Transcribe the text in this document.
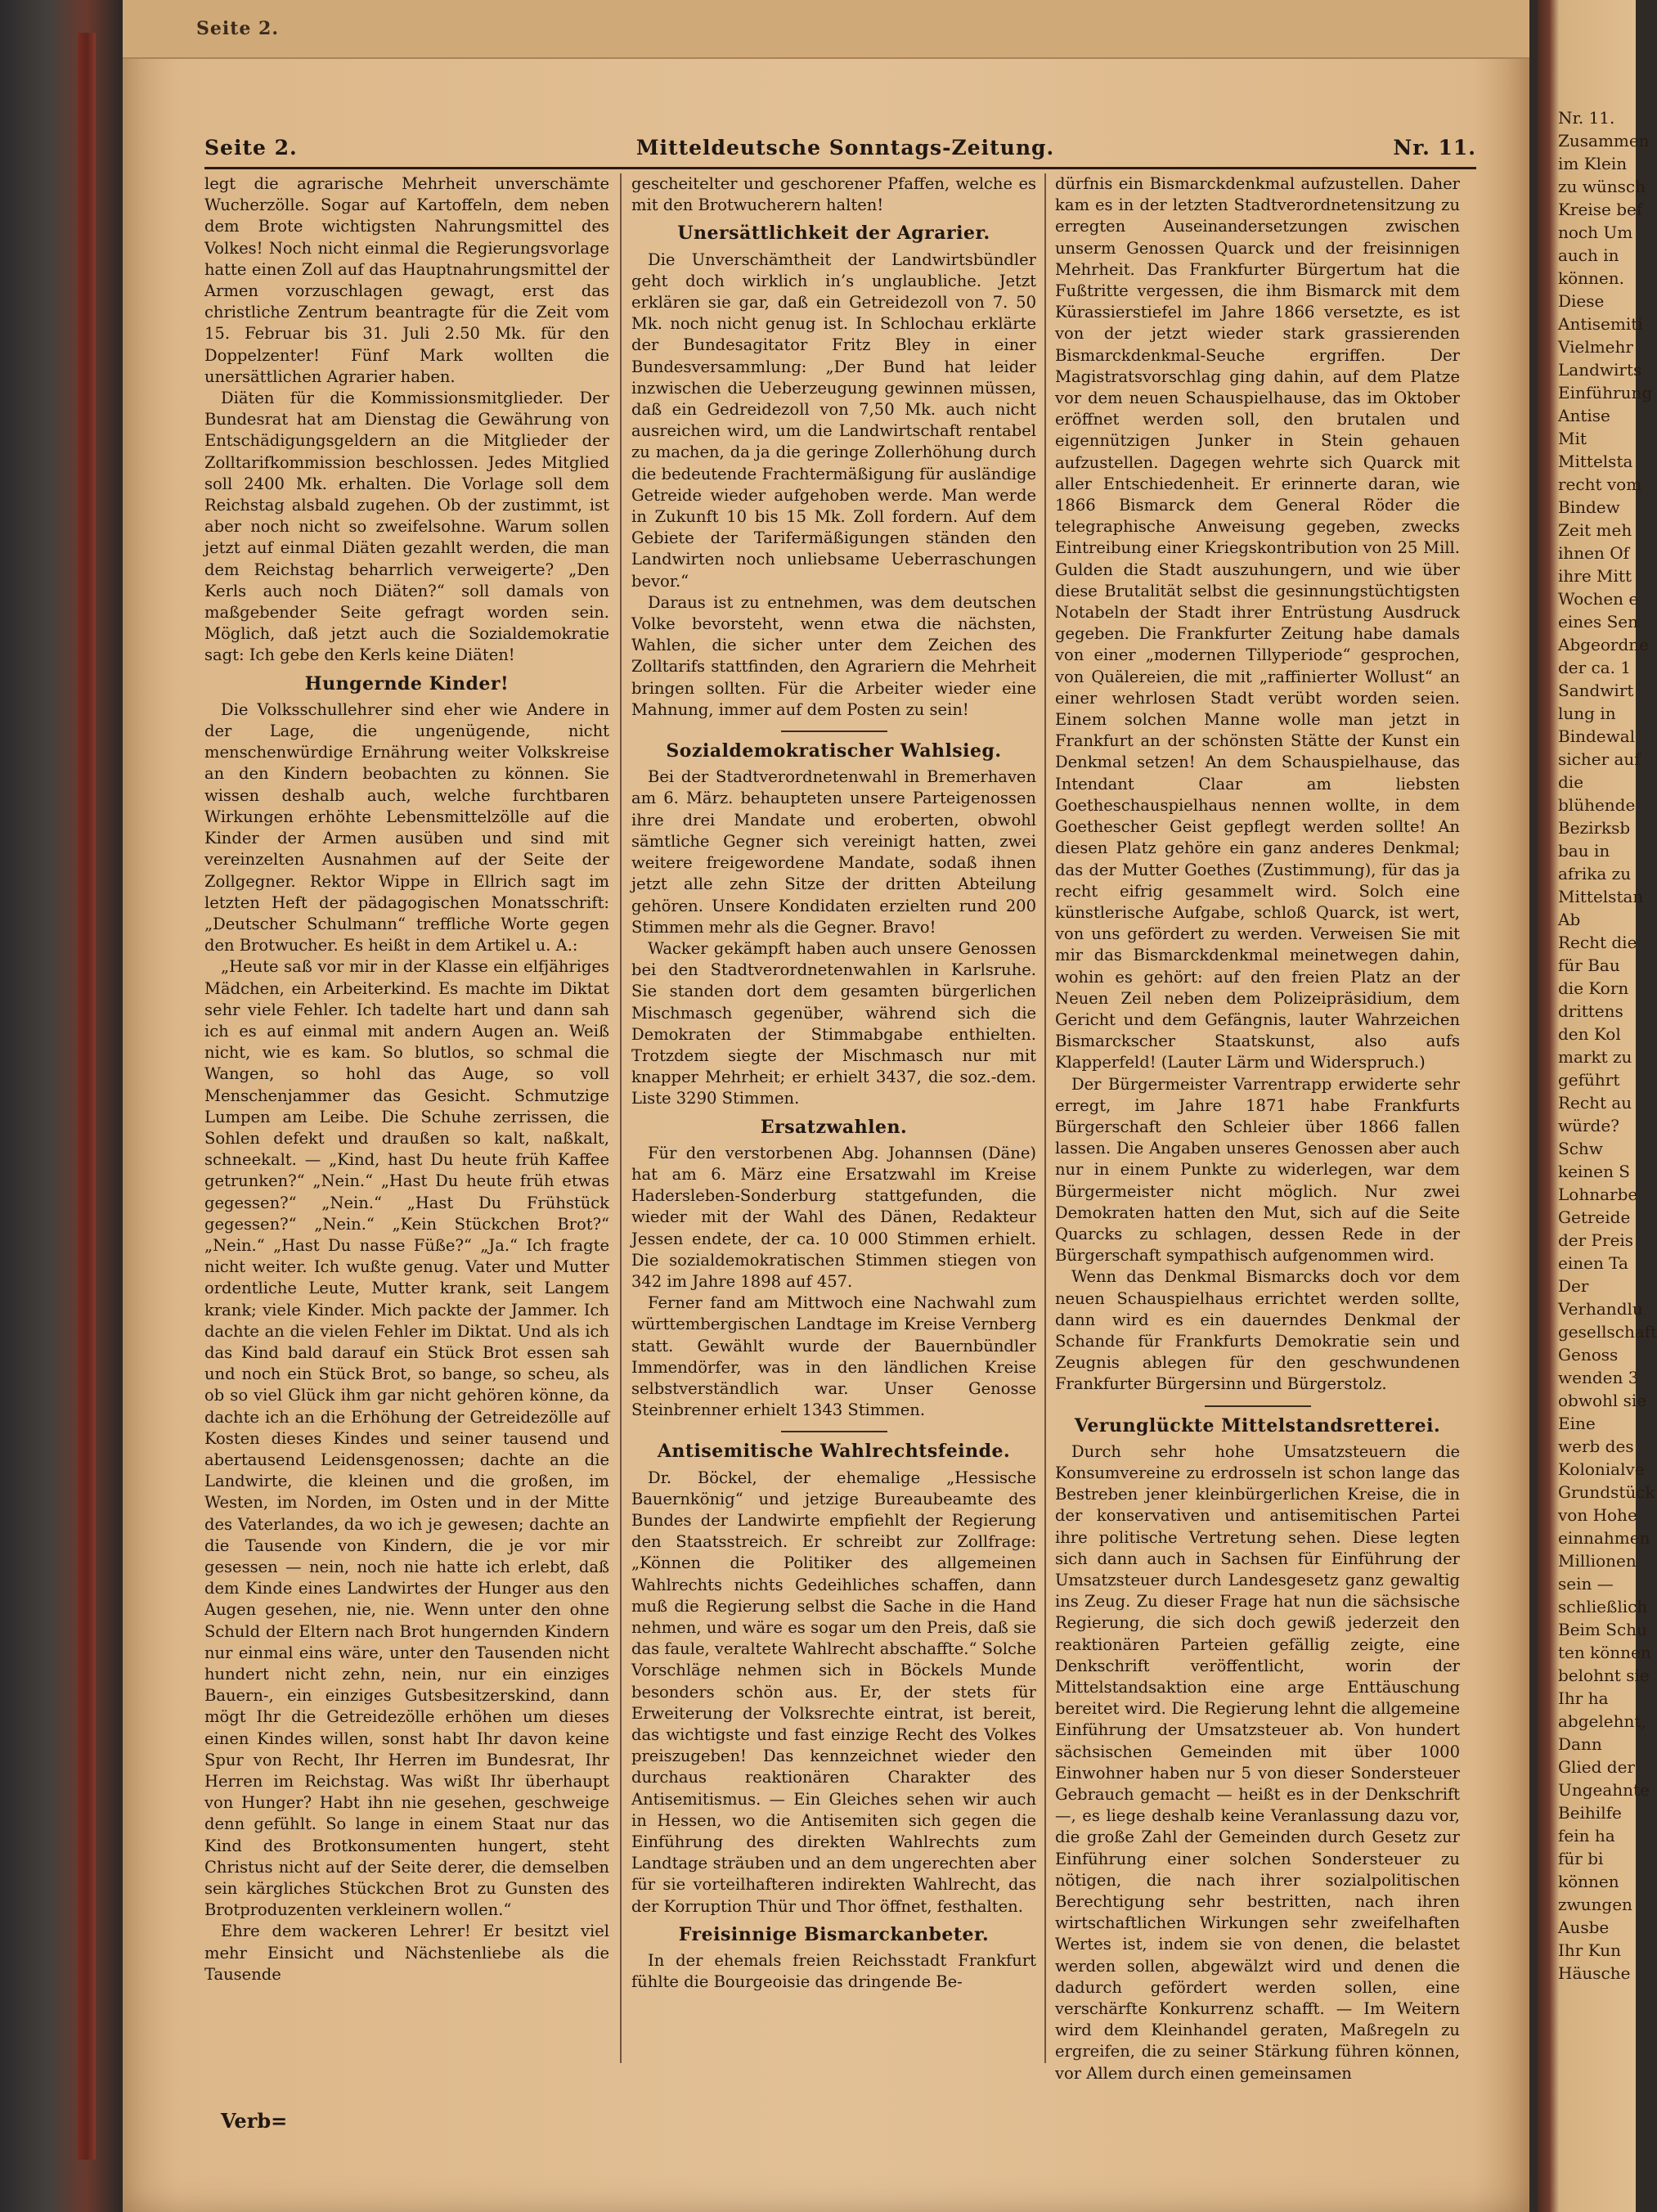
Seite 2.
Nr. 11.
Zusammen
im Klein
zu wünsch
Kreise bef
noch Um
auch in
können.
Diese
Antisemiti
Vielmehr
Landwirts
Einführung
Antise
Mit
Mittelsta
recht vom
Bindew
Zeit meh
ihnen Of
ihre Mitt
Wochen e
eines Sen
Abgeordne
der ca. 1
Sandwirt
lung in
Bindewal
sicher auf
die
blühende
Bezirksb
bau in
afrika zu
Mittelstan
Ab
Recht die
für Bau
die Korn
drittens
den Kol
markt zu
geführt
Recht au
würde?
Schw
keinen S
Lohnarbe
Getreide
der Preis
einen Ta
Der
Verhandlu
gesellschaft
Genoss
wenden 3
obwohl sie
Eine
werb des
Kolonialve
Grundstück
von Hohe
einnahmen
Millionen
sein —
schließlich
Beim Schu
ten können
belohnt sie
Ihr ha
abgelehnt,
Dann
Glied der
Ungeahnte
Beihilfe
fein ha
für bi
können
zwungen
Ausbe
Ihr Kun
Häusche
Seite 2.	Mitteldeutsche Sonntags-Zeitung.	Nr. 11.

legt die agrarische Mehrheit unverschämte Wucherzölle. Sogar auf Kartoffeln, dem neben dem Brote wichtigsten Nahrungsmittel des Volkes! Noch nicht einmal die Regierungsvorlage hatte einen Zoll auf das Hauptnahrungsmittel der Armen vorzuschlagen gewagt, erst das christliche Zentrum beantragte für die Zeit vom 15. Februar bis 31. Juli 2.50 Mk. für den Doppelzenter! Fünf Mark wollten die unersättlichen Agrarier haben.

Diäten für die Kommissionsmitglieder. Der Bundesrat hat am Dienstag die Gewährung von Entschädigungsgeldern an die Mitglieder der Zolltarifkommission beschlossen. Jedes Mitglied soll 2400 Mk. erhalten. Die Vorlage soll dem Reichstag alsbald zugehen. Ob der zustimmt, ist aber noch nicht so zweifelsohne. Warum sollen jetzt auf einmal Diäten gezahlt werden, die man dem Reichstag beharrlich verweigerte? „Den Kerls auch noch Diäten?“ soll damals von maßgebender Seite gefragt worden sein. Möglich, daß jetzt auch die Sozialdemokratie sagt: Ich gebe den Kerls keine Diäten!

Hungernde Kinder!

Die Volksschullehrer sind eher wie Andere in der Lage, die ungenügende, nicht menschenwürdige Ernährung weiter Volkskreise an den Kindern beobachten zu können. Sie wissen deshalb auch, welche furchtbaren Wirkungen erhöhte Lebensmittelzölle auf die Kinder der Armen ausüben und sind mit vereinzelten Ausnahmen auf der Seite der Zollgegner. Rektor Wippe in Ellrich sagt im letzten Heft der pädagogischen Monatsschrift: „Deutscher Schulmann“ treffliche Worte gegen den Brotwucher. Es heißt in dem Artikel u. A.:

„Heute saß vor mir in der Klasse ein elfjähriges Mädchen, ein Arbeiterkind. Es machte im Diktat sehr viele Fehler. Ich tadelte hart und dann sah ich es auf einmal mit andern Augen an. Weiß nicht, wie es kam. So blutlos, so schmal die Wangen, so hohl das Auge, so voll Menschenjammer das Gesicht. Schmutzige Lumpen am Leibe. Die Schuhe zerrissen, die Sohlen defekt und draußen so kalt, naßkalt, schneekalt. — „Kind, hast Du heute früh Kaffee getrunken?“ „Nein.“ „Hast Du heute früh etwas gegessen?“ „Nein.“ „Hast Du Frühstück gegessen?“ „Nein.“ „Kein Stückchen Brot?“ „Nein.“ „Hast Du nasse Füße?“ „Ja.“ Ich fragte nicht weiter. Ich wußte genug. Vater und Mutter ordentliche Leute, Mutter krank, seit Langem krank; viele Kinder. Mich packte der Jammer. Ich dachte an die vielen Fehler im Diktat. Und als ich das Kind bald darauf ein Stück Brot essen sah und noch ein Stück Brot, so bange, so scheu, als ob so viel Glück ihm gar nicht gehören könne, da dachte ich an die Erhöhung der Getreidezölle auf Kosten dieses Kindes und seiner tausend und abertausend Leidensgenossen; dachte an die Landwirte, die kleinen und die großen, im Westen, im Norden, im Osten und in der Mitte des Vaterlandes, da wo ich je gewesen; dachte an die Tausende von Kindern, die je vor mir gesessen — nein, noch nie hatte ich erlebt, daß dem Kinde eines Landwirtes der Hunger aus den Augen gesehen, nie, nie. Wenn unter den ohne Schuld der Eltern nach Brot hungernden Kindern nur einmal eins wäre, unter den Tausenden nicht hundert nicht zehn, nein, nur ein einziges Bauern-, ein einziges Gutsbesitzerskind, dann mögt Ihr die Getreidezölle erhöhen um dieses einen Kindes willen, sonst habt Ihr davon keine Spur von Recht, Ihr Herren im Bundesrat, Ihr Herren im Reichstag. Was wißt Ihr überhaupt von Hunger? Habt ihn nie gesehen, geschweige denn gefühlt. So lange in einem Staat nur das Kind des Brotkonsumenten hungert, steht Christus nicht auf der Seite derer, die demselben sein kärgliches Stückchen Brot zu Gunsten des Brotproduzenten verkleinern wollen.“

Ehre dem wackeren Lehrer! Er besitzt viel mehr Einsicht und Nächstenliebe als die Tausende

gescheitelter und geschorener Pfaffen, welche es mit den Brotwucherern halten!

Unersättlichkeit der Agrarier.

Die Unverschämtheit der Landwirtsbündler geht doch wirklich in’s unglaubliche. Jetzt erklären sie gar, daß ein Getreidezoll von 7. 50 Mk. noch nicht genug ist. In Schlochau erklärte der Bundesagitator Fritz Bley in einer Bundesversammlung: „Der Bund hat leider inzwischen die Ueberzeugung gewinnen müssen, daß ein Gedreidezoll von 7,50 Mk. auch nicht ausreichen wird, um die Landwirtschaft rentabel zu machen, da ja die geringe Zollerhöhung durch die bedeutende Frachtermäßigung für ausländige Getreide wieder aufgehoben werde. Man werde in Zukunft 10 bis 15 Mk. Zoll fordern. Auf dem Gebiete der Tarifermäßigungen ständen den Landwirten noch unliebsame Ueberraschungen bevor.“

Daraus ist zu entnehmen, was dem deutschen Volke bevorsteht, wenn etwa die nächsten, Wahlen, die sicher unter dem Zeichen des Zolltarifs stattfinden, den Agrariern die Mehrheit bringen sollten. Für die Arbeiter wieder eine Mahnung, immer auf dem Posten zu sein!

Sozialdemokratischer Wahlsieg.

Bei der Stadtverordnetenwahl in Bremerhaven am 6. März. behaupteten unsere Parteigenossen ihre drei Mandate und eroberten, obwohl sämtliche Gegner sich vereinigt hatten, zwei weitere freigewordene Mandate, sodaß ihnen jetzt alle zehn Sitze der dritten Abteilung gehören. Unsere Kondidaten erzielten rund 200 Stimmen mehr als die Gegner. Bravo!

Wacker gekämpft haben auch unsere Genossen bei den Stadtverordnetenwahlen in Karlsruhe. Sie standen dort dem gesamten bürgerlichen Mischmasch gegenüber, während sich die Demokraten der Stimmabgabe enthielten. Trotzdem siegte der Mischmasch nur mit knapper Mehrheit; er erhielt 3437, die soz.-dem. Liste 3290 Stimmen.

Ersatzwahlen.

Für den verstorbenen Abg. Johannsen (Däne) hat am 6. März eine Ersatzwahl im Kreise Hadersleben-Sonderburg stattgefunden, die wieder mit der Wahl des Dänen, Redakteur Jessen endete, der ca. 10 000 Stimmen erhielt. Die sozialdemokratischen Stimmen stiegen von 342 im Jahre 1898 auf 457.

Ferner fand am Mittwoch eine Nachwahl zum württembergischen Landtage im Kreise Vernberg statt. Gewählt wurde der Bauernbündler Immendörfer, was in den ländlichen Kreise selbstverständlich war. Unser Genosse Steinbrenner erhielt 1343 Stimmen.

Antisemitische Wahlrechtsfeinde.

Dr. Böckel, der ehemalige „Hessische Bauernkönig“ und jetzige Bureaubeamte des Bundes der Landwirte empfiehlt der Regierung den Staatsstreich. Er schreibt zur Zollfrage: „Können die Politiker des allgemeinen Wahlrechts nichts Gedeihliches schaffen, dann muß die Regierung selbst die Sache in die Hand nehmen, und wäre es sogar um den Preis, daß sie das faule, veraltete Wahlrecht abschaffte.“ Solche Vorschläge nehmen sich in Böckels Munde besonders schön aus. Er, der stets für Erweiterung der Volksrechte eintrat, ist bereit, das wichtigste und fast einzige Recht des Volkes preiszugeben! Das kennzeichnet wieder den durchaus reaktionären Charakter des Antisemitismus. — Ein Gleiches sehen wir auch in Hessen, wo die Antisemiten sich gegen die Einführung des direkten Wahlrechts zum Landtage sträuben und an dem ungerechten aber für sie vorteilhafteren indirekten Wahlrecht, das der Korruption Thür und Thor öffnet, festhalten.

Freisinnige Bismarckanbeter.

In der ehemals freien Reichsstadt Frankfurt fühlte die Bourgeoisie das dringende Be-

dürfnis ein Bismarckdenkmal aufzustellen. Daher kam es in der letzten Stadtverordnetensitzung zu erregten Auseinandersetzungen zwischen unserm Genossen Quarck und der freisinnigen Mehrheit. Das Frankfurter Bürgertum hat die Fußtritte vergessen, die ihm Bismarck mit dem Kürassierstiefel im Jahre 1866 versetzte, es ist von der jetzt wieder stark grassierenden Bismarckdenkmal-Seuche ergriffen. Der Magistratsvorschlag ging dahin, auf dem Platze vor dem neuen Schauspielhause, das im Oktober eröffnet werden soll, den brutalen und eigennützigen Junker in Stein gehauen aufzustellen. Dagegen wehrte sich Quarck mit aller Entschiedenheit. Er erinnerte daran, wie 1866 Bismarck dem General Röder die telegraphische Anweisung gegeben, zwecks Eintreibung einer Kriegskontribution von 25 Mill. Gulden die Stadt auszuhungern, und wie über diese Brutalität selbst die gesinnungstüchtigsten Notabeln der Stadt ihrer Entrüstung Ausdruck gegeben. Die Frankfurter Zeitung habe damals von einer „modernen Tillyperiode“ gesprochen, von Quälereien, die mit „raffinierter Wollust“ an einer wehrlosen Stadt verübt worden seien. Einem solchen Manne wolle man jetzt in Frankfurt an der schönsten Stätte der Kunst ein Denkmal setzen! An dem Schauspielhause, das Intendant Claar am liebsten Goetheschauspielhaus nennen wollte, in dem Goethescher Geist gepflegt werden sollte! An diesen Platz gehöre ein ganz anderes Denkmal; das der Mutter Goethes (Zustimmung), für das ja recht eifrig gesammelt wird. Solch eine künstlerische Aufgabe, schloß Quarck, ist wert, von uns gefördert zu werden. Verweisen Sie mit mir das Bismarckdenkmal meinetwegen dahin, wohin es gehört: auf den freien Platz an der Neuen Zeil neben dem Polizeipräsidium, dem Gericht und dem Gefängnis, lauter Wahrzeichen Bismarckscher Staatskunst, also aufs Klapperfeld! (Lauter Lärm und Widerspruch.)

Der Bürgermeister Varrentrapp erwiderte sehr erregt, im Jahre 1871 habe Frankfurts Bürgerschaft den Schleier über 1866 fallen lassen. Die Angaben unseres Genossen aber auch nur in einem Punkte zu widerlegen, war dem Bürgermeister nicht möglich. Nur zwei Demokraten hatten den Mut, sich auf die Seite Quarcks zu schlagen, dessen Rede in der Bürgerschaft sympathisch aufgenommen wird.

Wenn das Denkmal Bismarcks doch vor dem neuen Schauspielhaus errichtet werden sollte, dann wird es ein dauerndes Denkmal der Schande für Frankfurts Demokratie sein und Zeugnis ablegen für den geschwundenen Frankfurter Bürgersinn und Bürgerstolz.

Verunglückte Mittelstandsretterei.

Durch sehr hohe Umsatzsteuern die Konsumvereine zu erdrosseln ist schon lange das Bestreben jener kleinbürgerlichen Kreise, die in der konservativen und antisemitischen Partei ihre politische Vertretung sehen. Diese legten sich dann auch in Sachsen für Einführung der Umsatzsteuer durch Landesgesetz ganz gewaltig ins Zeug. Zu dieser Frage hat nun die sächsische Regierung, die sich doch gewiß jederzeit den reaktionären Parteien gefällig zeigte, eine Denkschrift veröffentlicht, worin der Mittelstandsaktion eine arge Enttäuschung bereitet wird. Die Regierung lehnt die allgemeine Einführung der Umsatzsteuer ab. Von hundert sächsischen Gemeinden mit über 1000 Einwohner haben nur 5 von dieser Sondersteuer Gebrauch gemacht — heißt es in der Denkschrift —, es liege deshalb keine Veranlassung dazu vor, die große Zahl der Gemeinden durch Gesetz zur Einführung einer solchen Sondersteuer zu nötigen, die nach ihrer sozialpolitischen Berechtigung sehr bestritten, nach ihren wirtschaftlichen Wirkungen sehr zweifelhaften Wertes ist, indem sie von denen, die belastet werden sollen, abgewälzt wird und denen die dadurch gefördert werden sollen, eine verschärfte Konkurrenz schafft. — Im Weitern wird dem Kleinhandel geraten, Maßregeln zu ergreifen, die zu seiner Stärkung führen können, vor Allem durch einen gemeinsamen

Verb=
